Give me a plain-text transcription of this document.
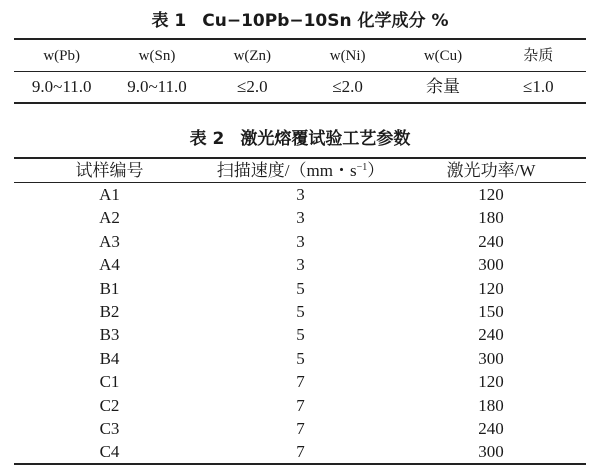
表 1 Cu−10Pb−10Sn 化学成分 %
w(Pb)	w(Sn)	w(Zn)	w(Ni)	w(Cu)	杂质
9.0~11.0	9.0~11.0	≤2.0	≤2.0	余量	≤1.0
表 2 激光熔覆试验工艺参数
试样编号	扫描速度/（mm・$s^{-1}$）	激光功率/W
A1	3	120
A2	3	180
A3	3	240
A4	3	300
B1	5	120
B2	5	150
B3	5	240
B4	5	300
C1	7	120
C2	7	180
C3	7	240
C4	7	300
